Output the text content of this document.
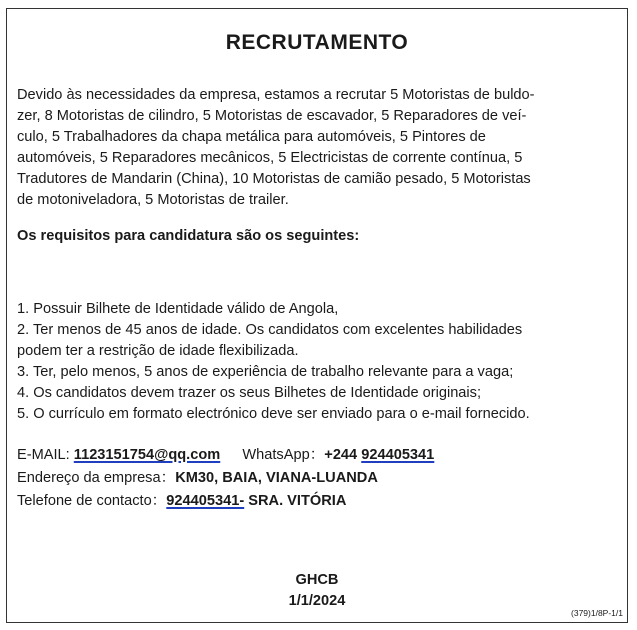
RECRUTAMENTO
Devido às necessidades da empresa, estamos a recrutar 5 Motoristas de buldo-
zer, 8 Motoristas de cilindro, 5 Motoristas de escavador, 5 Reparadores de veí-
culo, 5 Trabalhadores da chapa metálica para automóveis, 5 Pintores de
automóveis, 5 Reparadores mecânicos, 5 Electricistas de corrente contínua, 5
Tradutores de Mandarin (China), 10 Motoristas de camião pesado, 5 Motoristas
de motoniveladora, 5 Motoristas de trailer.
Os requisitos para candidatura são os seguintes:
1. Possuir Bilhete de Identidade válido de Angola,
2. Ter menos de 45 anos de idade. Os candidatos com excelentes habilidades
podem ter a restrição de idade flexibilizada.
3. Ter, pelo menos, 5 anos de experiência de trabalho relevante para a vaga;
4. Os candidatos devem trazer os seus Bilhetes de Identidade originais;
5. O currículo em formato electrónico deve ser enviado para o e-mail fornecido.
E-MAIL: 1123151754@qq.com WhatsApp：+244 924405341
Endereço da empresa：KM30, BAIA, VIANA-LUANDA
Telefone de contacto：924405341- SRA. VITÓRIA
GHCB
1/1/2024
(379)1/8P-1/1
